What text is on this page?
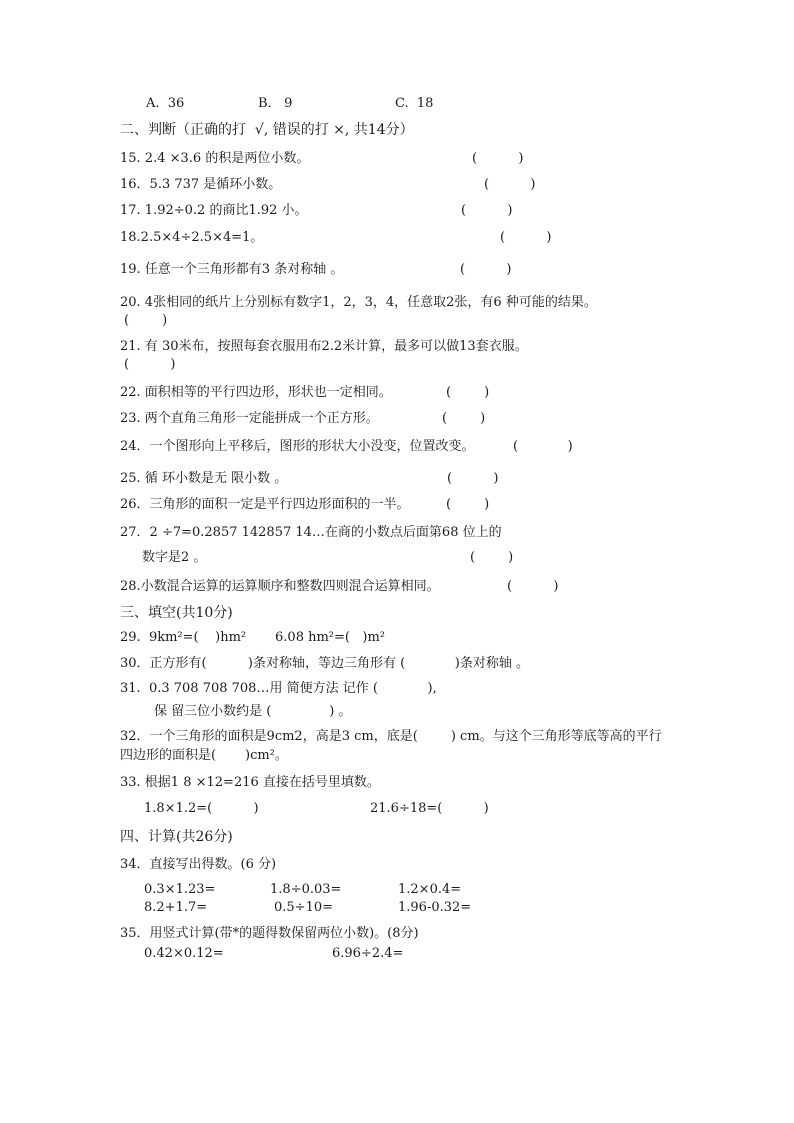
A.  36	B.   9	C.  18
二、判断（正确的打  √, 错误的打 ×, 共14分）
15. 2.4 ×3.6 的积是两位小数。	(          )
16．5.3 737 是循环小数。	(          )
17. 1.92÷0.2 的商比1.92 小。	(          )
18.2.5×4÷2.5×4=1。	(          )
19. 任意一个三角形都有3 条对称轴 。	(          )
20. 4张相同的纸片上分别标有数字1，2，3，4，任意取2张，有6 种可能的结果。
(        )
21. 有 30米布，按照每套衣服用布2.2米计算，最多可以做13套衣服。
(          )
22. 面积相等的平行四边形，形状也一定相同。	(        )
23. 两个直角三角形一定能拼成一个正方形。	(        )
24．一个图形向上平移后，图形的形状大小没变，位置改变。	(            )
25. 循 环小数是无 限小数 。	(          )
26．三角形的面积一定是平行四边形面积的一半。	(        )
27．2 ÷7=0.2857 142857 14…在商的小数点后面第68 位上的
数字是2 。	(        )
28.小数混合运算的运算顺序和整数四则混合运算相同。	(          )
三、填空(共10分)
29.  9km²=(    )hm²       6.08 hm²=(   )m²
30．正方形有(          )条对称轴，等边三角形有 (            )条对称轴 。
31.  0.3 708 708 708…用 简便方法 记作 (            ),
保 留三位小数约是 (              ) 。
32．一个三角形的面积是9cm2，高是3 cm，底是(        ) cm。与这个三角形等底等高的平行
四边形的面积是(       )cm²。
33. 根据1 8 ×12=216 直接在括号里填数。
1.8×1.2=(          )	21.6÷18=(          )
四、计算(共26分)
34．直接写出得数。(6 分)
0.3×1.23=	1.8÷0.03=	1.2×0.4=
8.2+1.7=	0.5÷10=	1.96-0.32=
35．用竖式计算(带*的题得数保留两位小数)。(8分)
0.42×0.12=	6.96÷2.4=
